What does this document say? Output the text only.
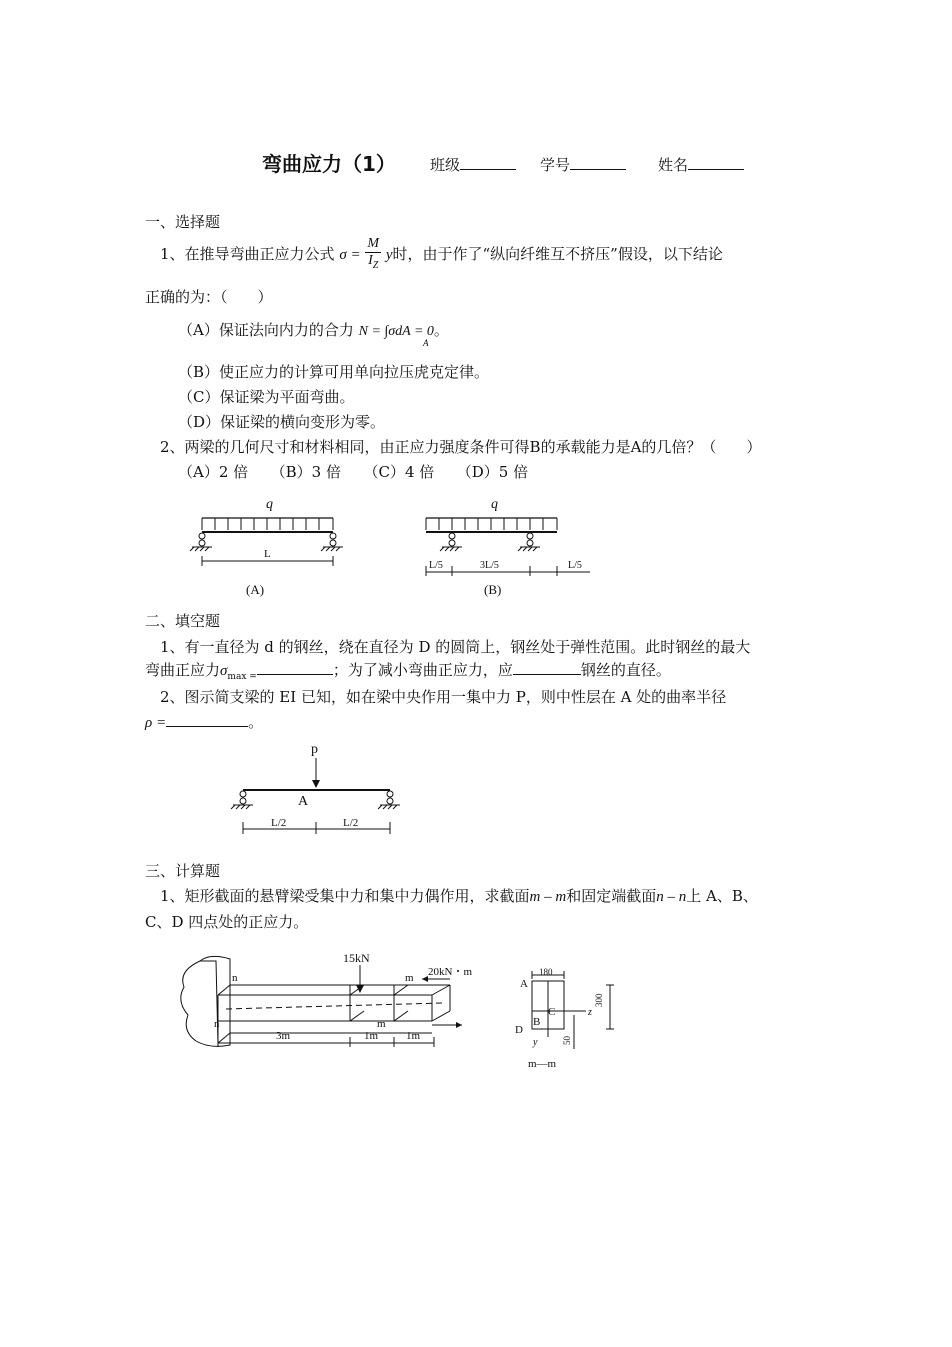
弯曲应力（1） 班级	学号	姓名
一、选择题
1、在推导弯曲正应力公式 $\sigma = \frac{M}{I_Z}$ y时，由于作了“纵向纤维互不挤压”假设，以下结论
正确的为：（　　）
（A）保证法向内力的合力 N = ∫σdA = 0。
A
（B）使正应力的计算可用单向拉压虎克定律。
（C）保证梁为平面弯曲。
（D）保证梁的横向变形为零。
2、两梁的几何尺寸和材料相同，由正应力强度条件可得B的承载能力是A的几倍？（　　）
（A）2 倍　　（B）3 倍　　（C）4 倍　　（D）5 倍
q
L
(A)
q
L/5	3L/5	L/5
(B)
二、填空题
1、有一直径为 d 的钢丝，绕在直径为 D 的圆筒上，钢丝处于弹性范围。此时钢丝的最大
弯曲正应力$\sigma_{max =}$	；为了减小弯曲正应力，应	钢丝的直径。
2、图示简支梁的 EI 已知，如在梁中央作用一集中力 P，则中性层在 A 处的曲率半径
ρ =	。
p
A
L/2	L/2
三、计算题
1、矩形截面的悬臂梁受集中力和集中力偶作用，求截面m – m和固定端截面n – n上 A、B、
C、D 四点处的正应力。
15kN
20kN・m
m
m
n
n
3m	1m	1m
180
A
B
C
D
z
y
300
50
m—m
